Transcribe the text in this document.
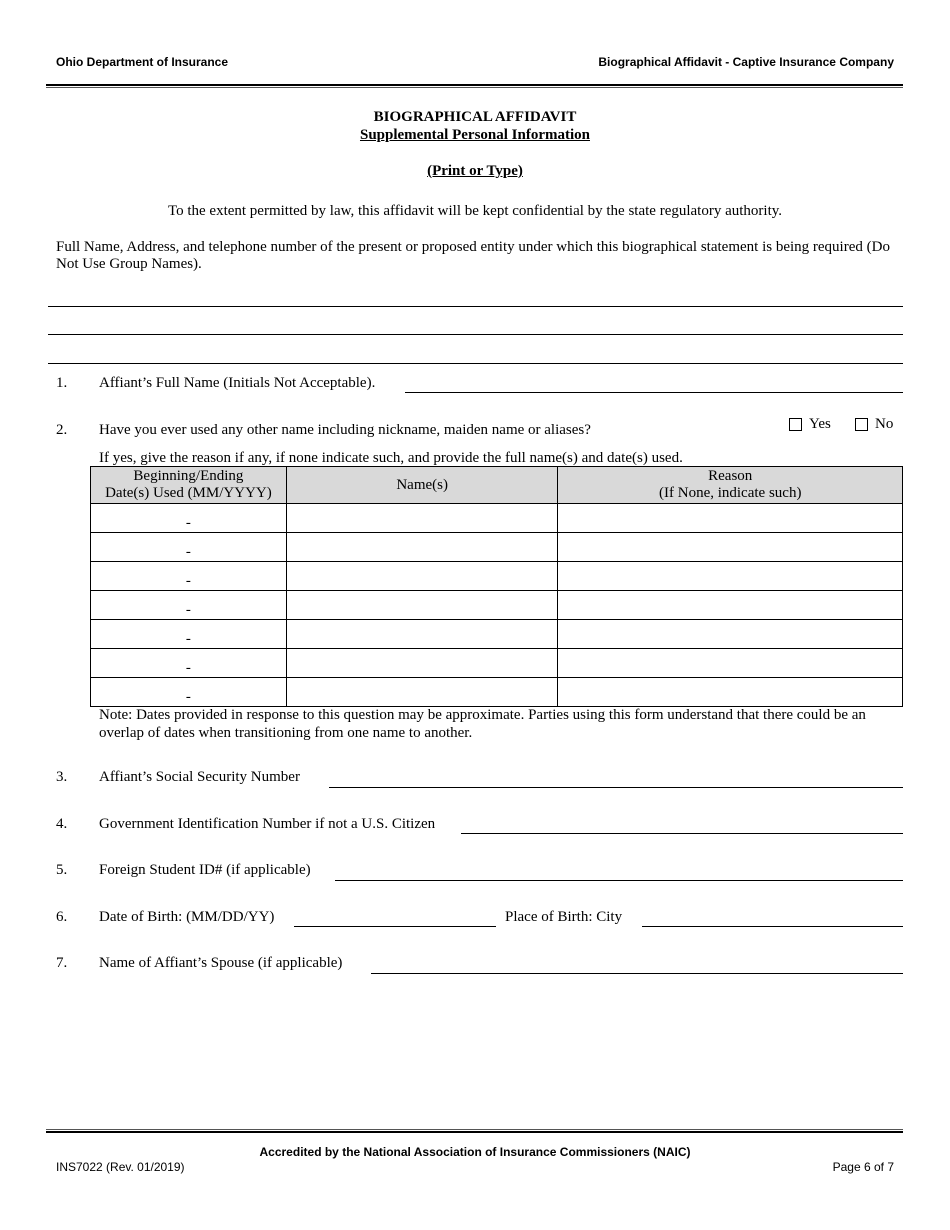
Ohio Department of Insurance	Biographical Affidavit - Captive Insurance Company
BIOGRAPHICAL AFFIDAVIT
Supplemental Personal Information
(Print or Type)
To the extent permitted by law, this affidavit will be kept confidential by the state regulatory authority.
Full Name, Address, and telephone number of the present or proposed entity under which this biographical statement is being required (Do Not Use Group Names).
1. Affiant’s Full Name (Initials Not Acceptable).
2. Have you ever used any other name including nickname, maiden name or aliases?	Yes	No
If yes, give the reason if any, if none indicate such, and provide the full name(s) and date(s) used.
Beginning/Ending
Date(s) Used (MM/YYYY)	Name(s)	Reason
(If None, indicate such)
-		
-		
-		
-		
-		
-		
-		
Note: Dates provided in response to this question may be approximate. Parties using this form understand that there could be an overlap of dates when transitioning from one name to another.
3. Affiant’s Social Security Number
4. Government Identification Number if not a U.S. Citizen
5. Foreign Student ID# (if applicable)
6. Date of Birth: (MM/DD/YY)	Place of Birth: City
7. Name of Affiant’s Spouse (if applicable)
Accredited by the National Association of Insurance Commissioners (NAIC)
INS7022 (Rev. 01/2019)	Page 6 of 7
